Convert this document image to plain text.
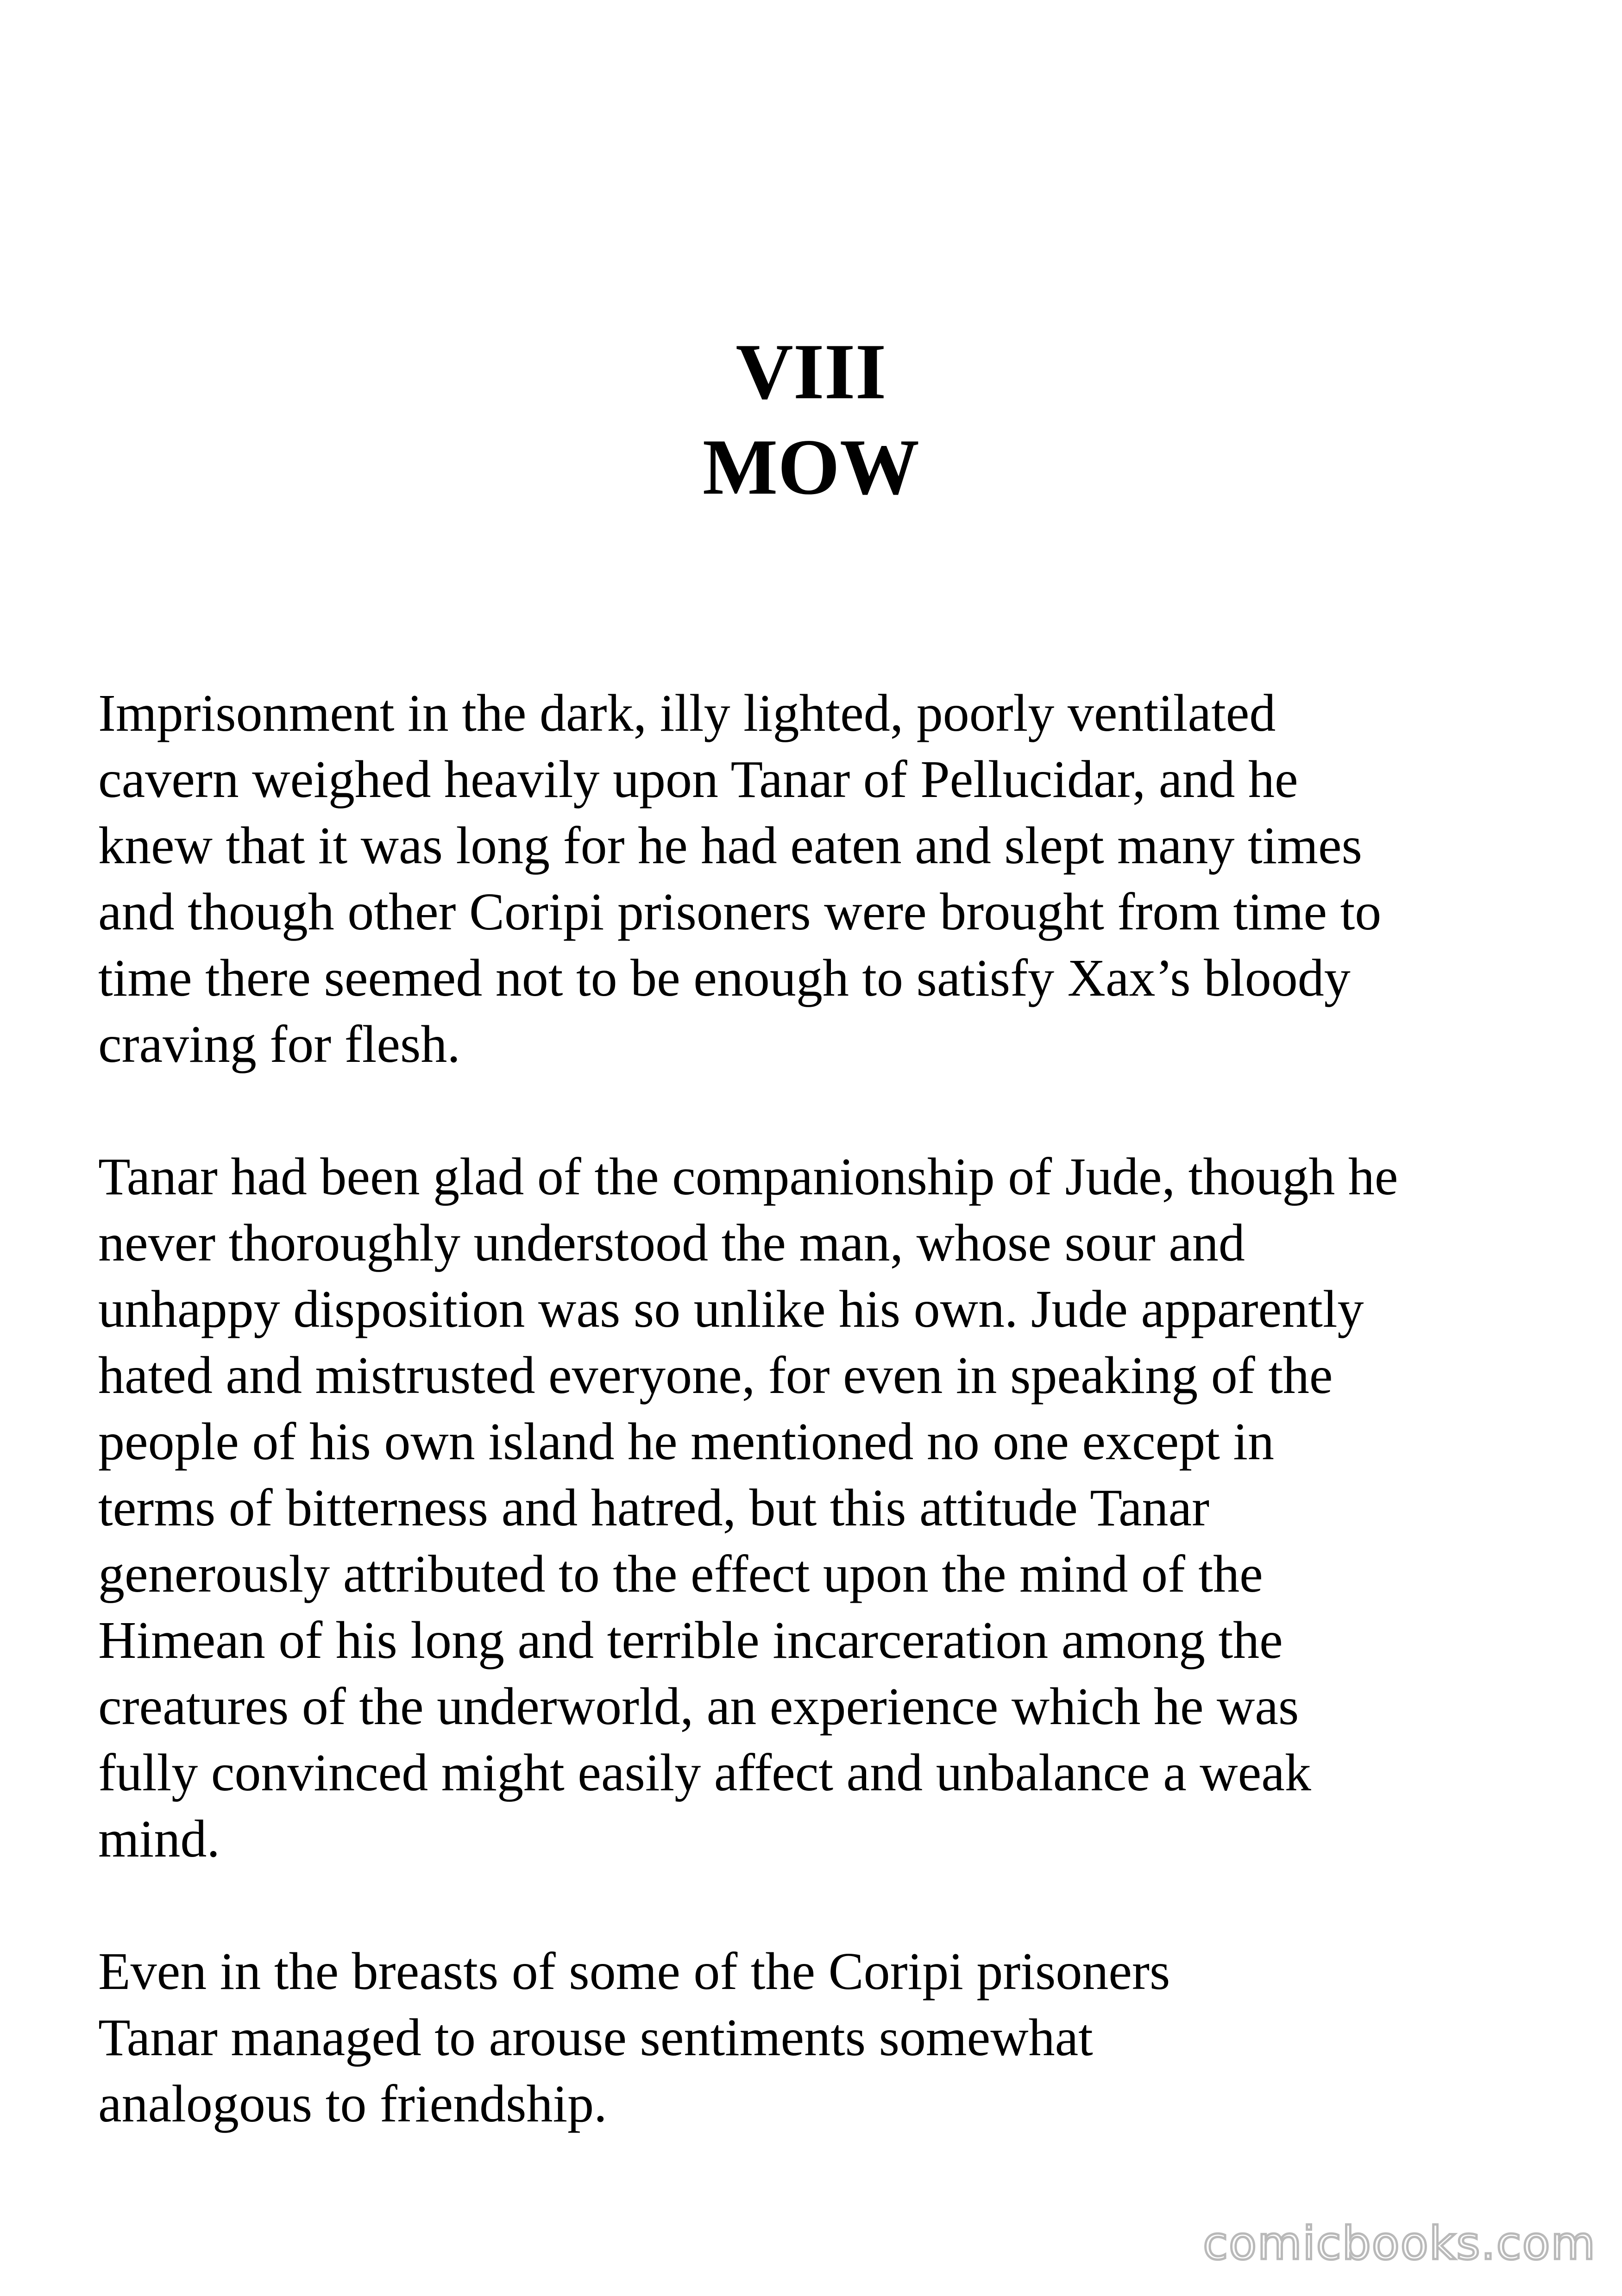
VIII
MOW
Imprisonment in the dark, illy lighted, poorly ventilated
cavern weighed heavily upon Tanar of Pellucidar, and he
knew that it was long for he had eaten and slept many times
and though other Coripi prisoners were brought from time to
time there seemed not to be enough to satisfy Xax’s bloody
craving for flesh.
Tanar had been glad of the companionship of Jude, though he
never thoroughly understood the man, whose sour and
unhappy disposition was so unlike his own. Jude apparently
hated and mistrusted everyone, for even in speaking of the
people of his own island he mentioned no one except in
terms of bitterness and hatred, but this attitude Tanar
generously attributed to the effect upon the mind of the
Himean of his long and terrible incarceration among the
creatures of the underworld, an experience which he was
fully convinced might easily affect and unbalance a weak
mind.
Even in the breasts of some of the Coripi prisoners
Tanar managed to arouse sentiments somewhat
analogous to friendship.
comicbooks.com
